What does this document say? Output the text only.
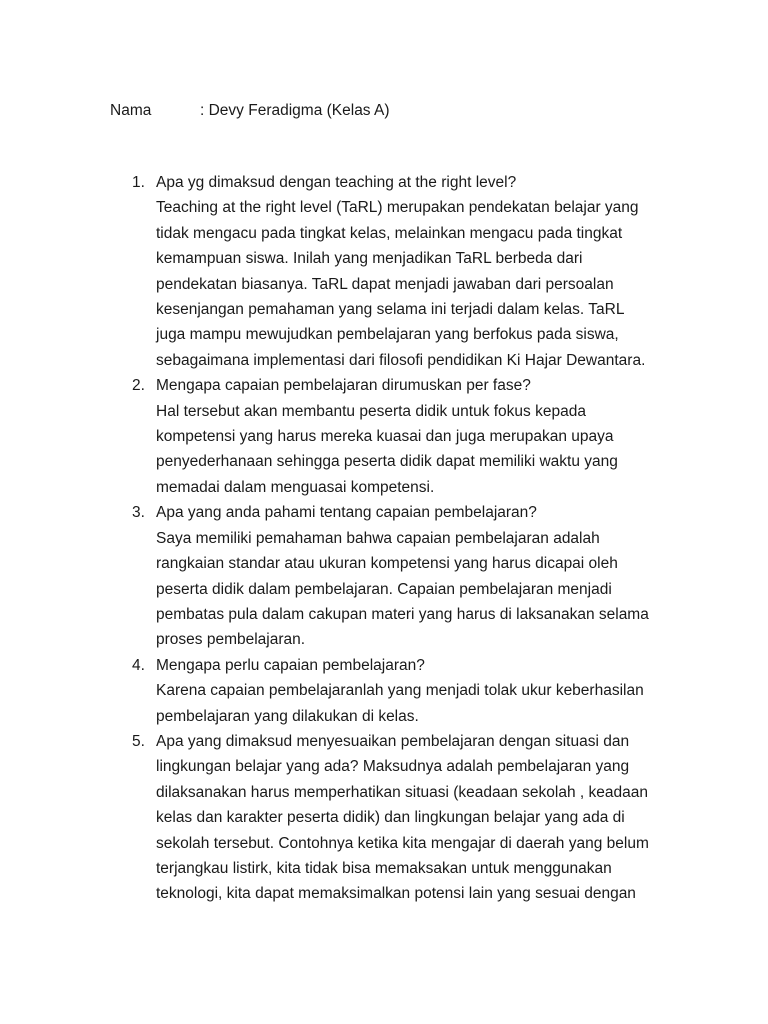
Nama	: Devy Feradigma (Kelas A)
1. Apa yg dimaksud dengan teaching at the right level?

Teaching at the right level (TaRL) merupakan pendekatan belajar yang tidak mengacu pada tingkat kelas, melainkan mengacu pada tingkat kemampuan siswa. Inilah yang menjadikan TaRL berbeda dari pendekatan biasanya. TaRL dapat menjadi jawaban dari persoalan kesenjangan pemahaman yang selama ini terjadi dalam kelas. TaRL juga mampu mewujudkan pembelajaran yang berfokus pada siswa, sebagaimana implementasi dari filosofi pendidikan Ki Hajar Dewantara.

2. Mengapa capaian pembelajaran dirumuskan per fase?

Hal tersebut akan membantu peserta didik untuk fokus kepada kompetensi yang harus mereka kuasai dan juga merupakan upaya penyederhanaan sehingga peserta didik dapat memiliki waktu yang memadai dalam menguasai kompetensi.

3. Apa yang anda pahami tentang capaian pembelajaran?

Saya memiliki pemahaman bahwa capaian pembelajaran adalah rangkaian standar atau ukuran kompetensi yang harus dicapai oleh peserta didik dalam pembelajaran. Capaian pembelajaran menjadi pembatas pula dalam cakupan materi yang harus di laksanakan selama proses pembelajaran.

4. Mengapa perlu capaian pembelajaran?

Karena capaian pembelajaranlah yang menjadi tolak ukur keberhasilan pembelajaran yang dilakukan di kelas.

5. Apa yang dimaksud menyesuaikan pembelajaran dengan situasi dan lingkungan belajar yang ada? Maksudnya adalah pembelajaran yang dilaksanakan harus memperhatikan situasi (keadaan sekolah , keadaan kelas dan karakter peserta didik) dan lingkungan belajar yang ada di sekolah tersebut. Contohnya ketika kita mengajar di daerah yang belum terjangkau listirk, kita tidak bisa memaksakan untuk menggunakan teknologi, kita dapat memaksimalkan potensi lain yang sesuai dengan
